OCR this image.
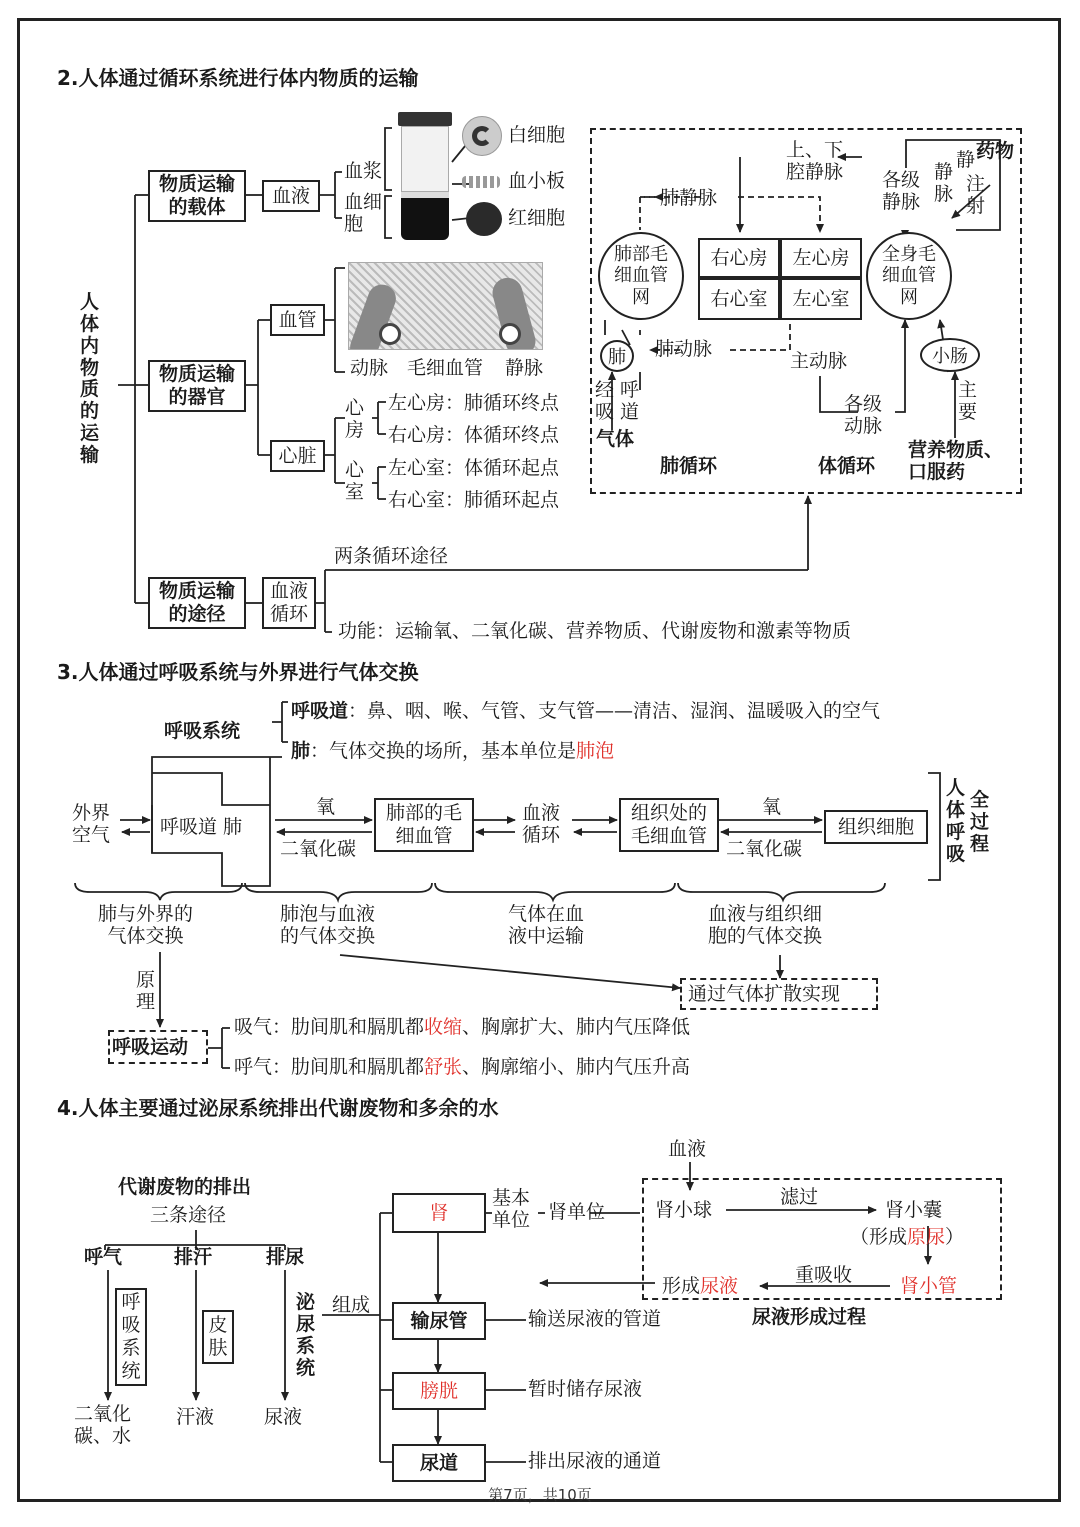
2.人体通过循环系统进行体内物质的运输
人
体
内
物
质
的
运
输
物质运输
的载体
血液
血浆
血细
胞
白细胞
血小板
红细胞
物质运输
的器官
血管
动脉 毛细血管 静脉
心脏
心
房
心
室
左心房：肺循环终点
右心房：体循环终点
左心室：体循环起点
右心室：肺循环起点
物质运输
的途径
血液
循环
两条循环途径
功能：运输氧、二氧化碳、营养物质、代谢废物和激素等物质
上、下
腔静脉
肺静脉
各级
静脉
静
脉
静 药物
注
射
肺部毛
细血管
网
全身毛
细血管
网
右心房	左心房
右心室	左心室
肺	肺动脉
主动脉	小肠
经
吸
呼
道
气体
各级
动脉
主
要
肺循环	体循环
营养物质、
口服药
3.人体通过呼吸系统与外界进行气体交换
呼吸系统
呼吸道：鼻、咽、喉、气管、支气管——清洁、湿润、温暖吸入的空气
肺：气体交换的场所，基本单位是肺泡
外界
空气	呼吸道 肺
氧
二氧化碳
肺部的毛
细血管
血液
循环
组织处的
毛细血管
氧
二氧化碳
组织细胞
全
过
程
人
体
呼
吸
肺与外界的
气体交换
肺泡与血液
的气体交换
气体在血
液中运输
血液与组织细
胞的气体交换
原
理	通过气体扩散实现
呼吸运动
吸气：肋间肌和膈肌都收缩、胸廓扩大、肺内气压降低
呼气：肋间肌和膈肌都舒张、胸廓缩小、肺内气压升高
4.人体主要通过泌尿系统排出代谢废物和多余的水
代谢废物的排出
三条途径
呼气	排汗	排尿
呼
吸
系
统
皮
肤
泌
尿
系
统
二氧化
碳、水
汗液	尿液
组成
肾
基本
单位 肾单位
输尿管	输送尿液的管道
膀胱	暂时储存尿液
尿道	排出尿液的通道
血液
肾小球
滤过
肾小囊
（形成原尿）
重吸收
形成尿液	肾小管
尿液形成过程
第7页，共10页
